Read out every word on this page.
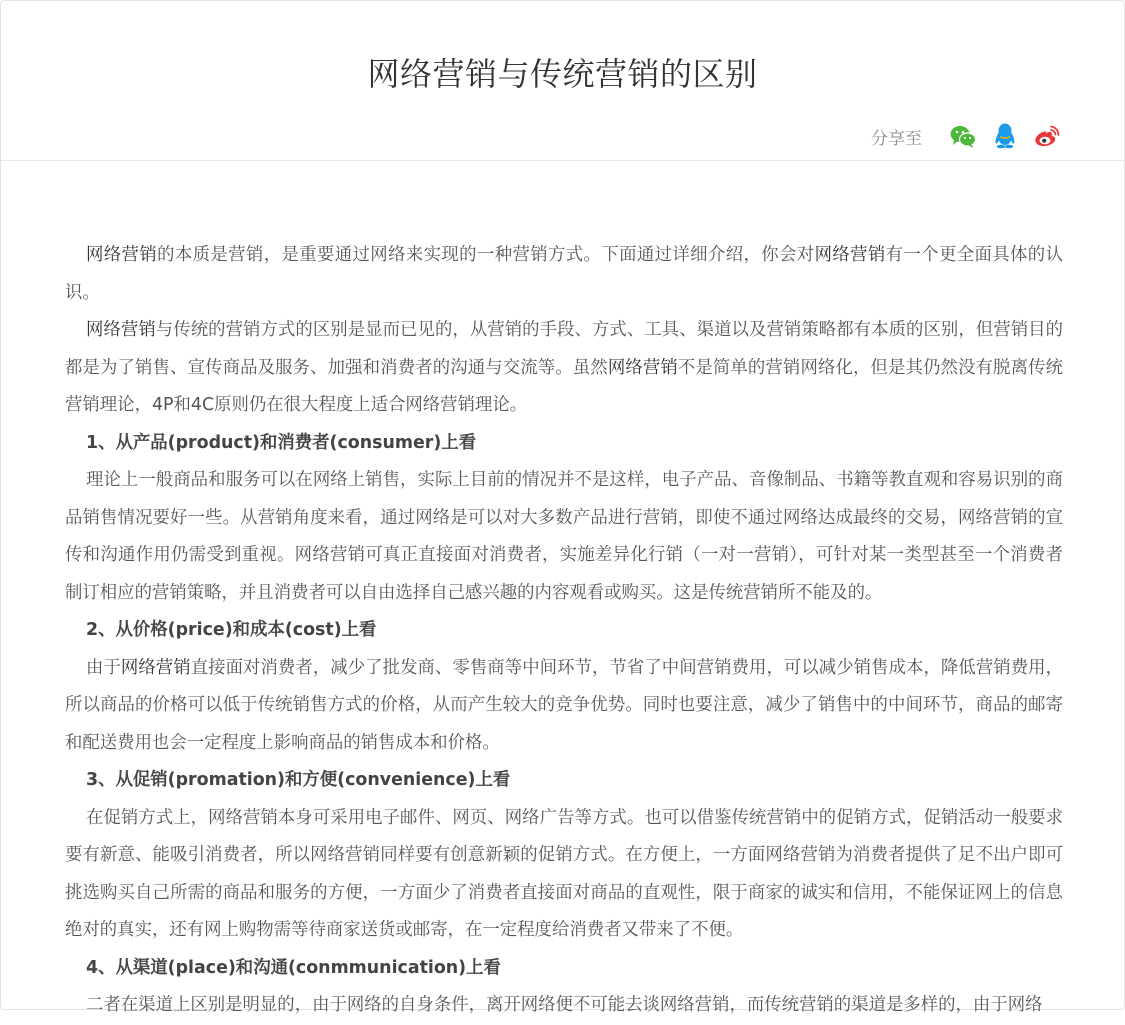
网络营销与传统营销的区别
分享至

网络营销的本质是营销，是重要通过网络来实现的一种营销方式。下面通过详细介绍，你会对网络营销有一个更全面具体的认识。

网络营销与传统的营销方式的区别是显而已见的，从营销的手段、方式、工具、渠道以及营销策略都有本质的区别，但营销目的都是为了销售、宣传商品及服务、加强和消费者的沟通与交流等。虽然网络营销不是简单的营销网络化，但是其仍然没有脱离传统营销理论，4P和4C原则仍在很大程度上适合网络营销理论。

1、从产品(product)和消费者(consumer)上看

理论上一般商品和服务可以在网络上销售，实际上目前的情况并不是这样，电子产品、音像制品、书籍等教直观和容易识别的商品销售情况要好一些。从营销角度来看，通过网络是可以对大多数产品进行营销，即使不通过网络达成最终的交易，网络营销的宣传和沟通作用仍需受到重视。网络营销可真正直接面对消费者，实施差异化行销（一对一营销），可针对某一类型甚至一个消费者制订相应的营销策略，并且消费者可以自由选择自己感兴趣的内容观看或购买。这是传统营销所不能及的。

2、从价格(price)和成本(cost)上看

由于网络营销直接面对消费者，减少了批发商、零售商等中间环节，节省了中间营销费用，可以减少销售成本，降低营销费用，所以商品的价格可以低于传统销售方式的价格，从而产生较大的竞争优势。同时也要注意，减少了销售中的中间环节，商品的邮寄和配送费用也会一定程度上影响商品的销售成本和价格。

3、从促销(promation)和方便(convenience)上看

在促销方式上，网络营销本身可采用电子邮件、网页、网络广告等方式。也可以借鉴传统营销中的促销方式，促销活动一般要求要有新意、能吸引消费者，所以网络营销同样要有创意新颖的促销方式。在方便上，一方面网络营销为消费者提供了足不出户即可挑选购买自己所需的商品和服务的方便，一方面少了消费者直接面对商品的直观性，限于商家的诚实和信用，不能保证网上的信息绝对的真实，还有网上购物需等待商家送货或邮寄，在一定程度给消费者又带来了不便。

4、从渠道(place)和沟通(conmmunication)上看

二者在渠道上区别是明显的，由于网络的自身条件，离开网络便不可能去谈网络营销，而传统营销的渠道是多样的，由于网络
